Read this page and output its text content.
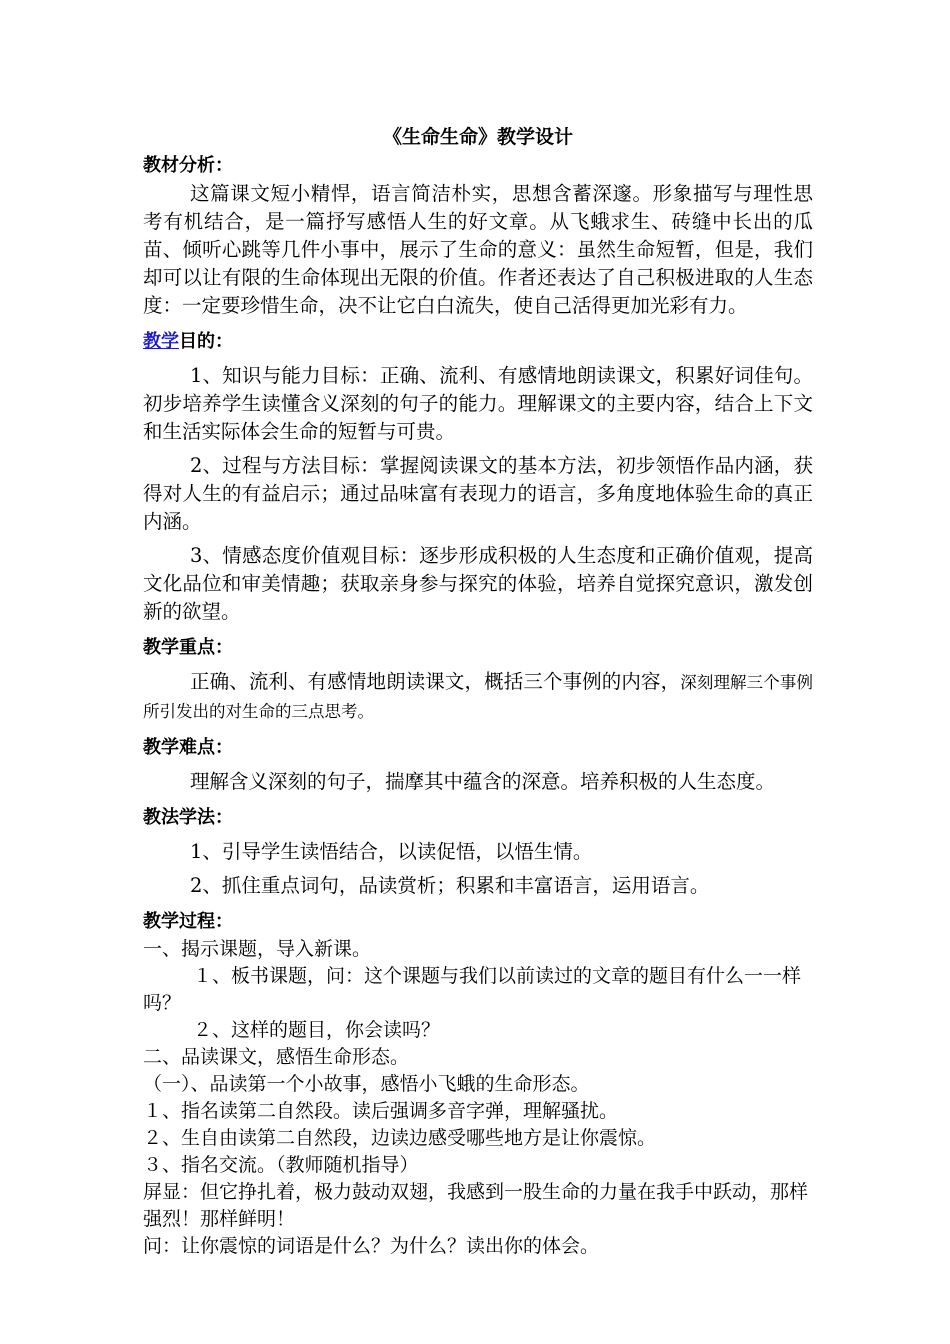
《生命生命》教学设计

教材分析：

这篇课文短小精悍，语言简洁朴实，思想含蓄深邃。形象描写与理性思考有机结合，是一篇抒写感悟人生的好文章。从飞蛾求生、砖缝中长出的瓜苗、倾听心跳等几件小事中，展示了生命的意义：虽然生命短暂，但是，我们却可以让有限的生命体现出无限的价值。作者还表达了自己积极进取的人生态度：一定要珍惜生命，决不让它白白流失，使自己活得更加光彩有力。

教学目的：

1、知识与能力目标：正确、流利、有感情地朗读课文，积累好词佳句。初步培养学生读懂含义深刻的句子的能力。理解课文的主要内容，结合上下文和生活实际体会生命的短暂与可贵。

2、过程与方法目标：掌握阅读课文的基本方法，初步领悟作品内涵，获得对人生的有益启示；通过品味富有表现力的语言，多角度地体验生命的真正内涵。

3、情感态度价值观目标：逐步形成积极的人生态度和正确价值观，提高文化品位和审美情趣；获取亲身参与探究的体验，培养自觉探究意识，激发创新的欲望。

教学重点：

正确、流利、有感情地朗读课文，概括三个事例的内容，深刻理解三个事例所引发出的对生命的三点思考。

教学难点：

理解含义深刻的句子，揣摩其中蕴含的深意。培养积极的人生态度。

教法学法：

1、引导学生读悟结合，以读促悟，以悟生情。

2、抓住重点词句，品读赏析；积累和丰富语言，运用语言。

教学过程：

一、揭示课题，导入新课。

１、板书课题，问：这个课题与我们以前读过的文章的题目有什么一一样吗？

２、这样的题目，你会读吗？

二、品读课文，感悟生命形态。

（一）、品读第一个小故事，感悟小飞蛾的生命形态。

１、指名读第二自然段。读后强调多音字弹，理解骚扰。

２、生自由读第二自然段，边读边感受哪些地方是让你震惊。

３、指名交流。（教师随机指导）

屏显：但它挣扎着，极力鼓动双翅，我感到一股生命的力量在我手中跃动，那样强烈！那样鲜明！

问：让你震惊的词语是什么？为什么？读出你的体会。
